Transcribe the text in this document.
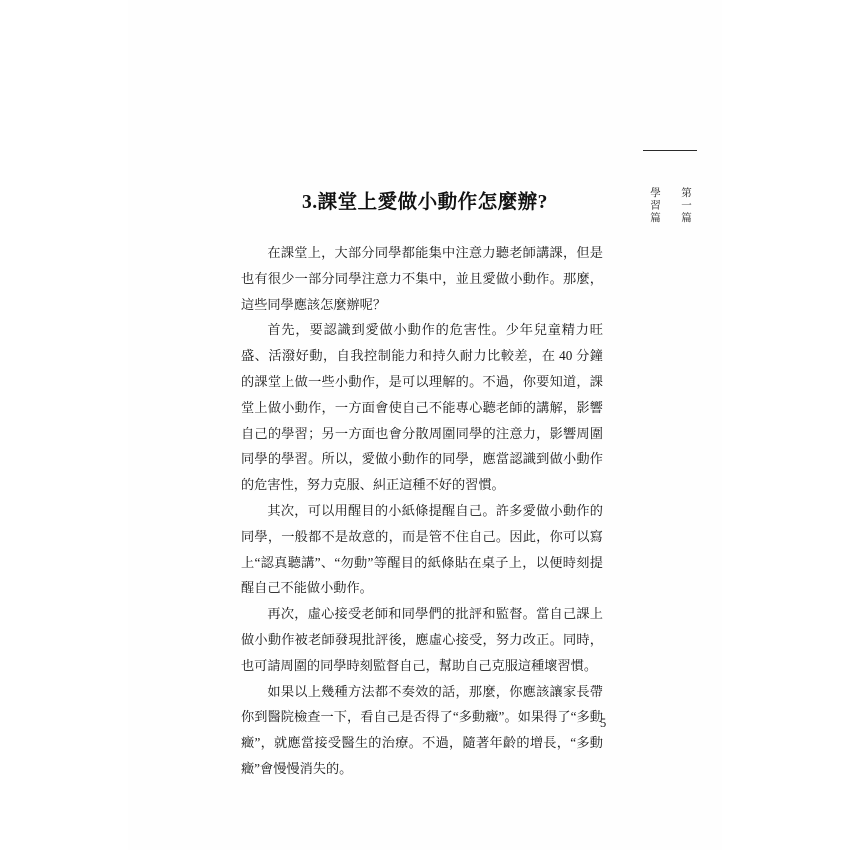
第一篇
學習篇
3.課堂上愛做小動作怎麼辦?

在課堂上，大部分同學都能集中注意力聽老師講課，但是也有很少一部分同學注意力不集中，並且愛做小動作。那麼，這些同學應該怎麼辦呢？

首先，要認識到愛做小動作的危害性。少年兒童精力旺盛、活潑好動，自我控制能力和持久耐力比較差，在 40 分鐘的課堂上做一些小動作，是可以理解的。不過，你要知道，課堂上做小動作，一方面會使自己不能專心聽老師的講解，影響自己的學習；另一方面也會分散周圍同學的注意力，影響周圍同學的學習。所以，愛做小動作的同學，應當認識到做小動作的危害性，努力克服、糾正這種不好的習慣。

其次，可以用醒目的小紙條提醒自己。許多愛做小動作的同學，一般都不是故意的，而是管不住自己。因此，你可以寫上“認真聽講”、“勿動”等醒目的紙條貼在桌子上，以便時刻提醒自己不能做小動作。

再次，虛心接受老師和同學們的批評和監督。當自己課上做小動作被老師發現批評後，應虛心接受，努力改正。同時，也可請周圍的同學時刻監督自己，幫助自己克服這種壞習慣。

如果以上幾種方法都不奏效的話，那麼，你應該讓家長帶你到醫院檢查一下，看自己是否得了“多動癥”。如果得了“多動癥”，就應當接受醫生的治療。不過，隨著年齡的增長，“多動癥”會慢慢消失的。

5
